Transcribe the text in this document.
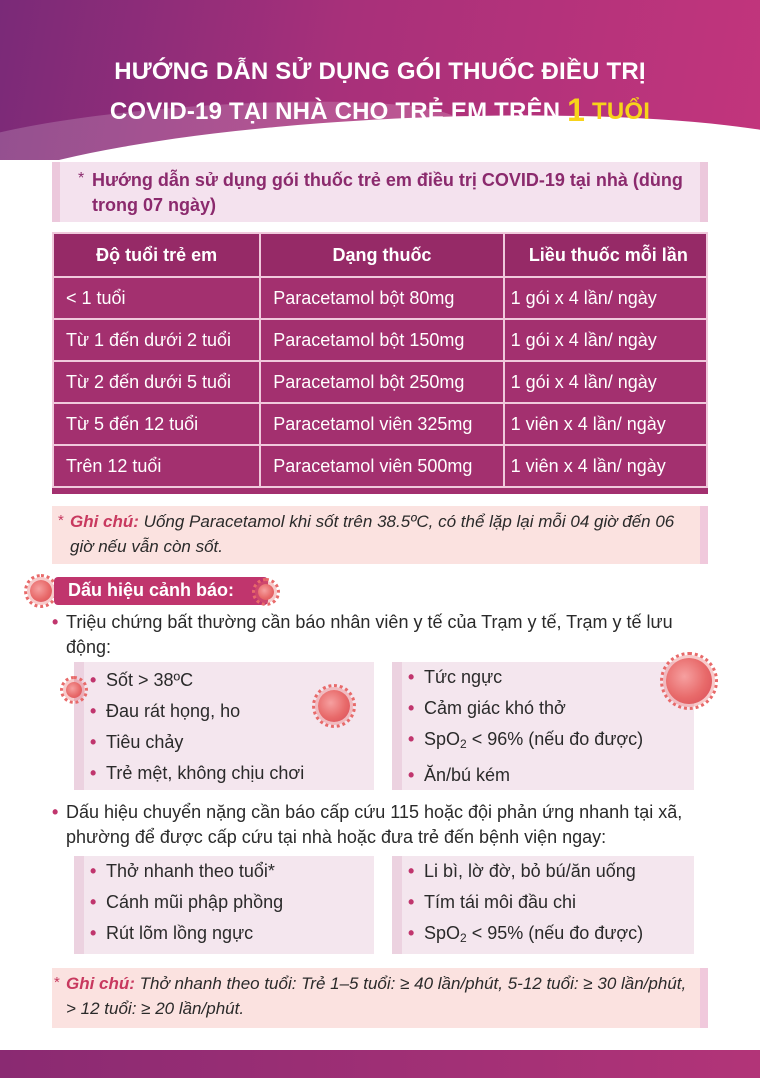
HƯỚNG DẪN SỬ DỤNG GÓI THUỐC ĐIỀU TRỊ
COVID-19 TẠI NHÀ CHO TRẺ EM TRÊN 1 TUỔI
* Hướng dẫn sử dụng gói thuốc trẻ em điều trị COVID-19 tại nhà (dùng trong 07 ngày)
Độ tuổi trẻ em	Dạng thuốc	Liều thuốc mỗi lần
< 1 tuổi	Paracetamol bột 80mg	1 gói x 4 lần/ ngày
Từ 1 đến dưới 2 tuổi	Paracetamol bột 150mg	1 gói x 4 lần/ ngày
Từ 2 đến dưới 5 tuổi	Paracetamol bột 250mg	1 gói x 4 lần/ ngày
Từ 5 đến 12 tuổi	Paracetamol viên 325mg	1 viên x 4 lần/ ngày
Trên 12 tuổi	Paracetamol viên 500mg	1 viên x 4 lần/ ngày
* Ghi chú: Uống Paracetamol khi sốt trên 38.5ºC, có thể lặp lại mỗi 04 giờ đến 06 giờ nếu vẫn còn sốt.
Dấu hiệu cảnh báo:
• Triệu chứng bất thường cần báo nhân viên y tế của Trạm y tế, Trạm y tế lưu động:
• Sốt > 38ºC
• Đau rát họng, ho
• Tiêu chảy
• Trẻ mệt, không chịu chơi
• Tức ngực
• Cảm giác khó thở
• SpO$_2$ < 96% (nếu đo được)
• Ăn/bú kém
• Dấu hiệu chuyển nặng cần báo cấp cứu 115 hoặc đội phản ứng nhanh tại xã, phường để được cấp cứu tại nhà hoặc đưa trẻ đến bệnh viện ngay:
• Thở nhanh theo tuổi*
• Cánh mũi phập phồng
• Rút lõm lồng ngực
• Li bì, lờ đờ, bỏ bú/ăn uống
• Tím tái môi đầu chi
• SpO$_2$ < 95% (nếu đo được)
* Ghi chú: Thở nhanh theo tuổi: Trẻ 1–5 tuổi: ≥ 40 lần/phút, 5-12 tuổi: ≥ 30 lần/phút, > 12 tuổi: ≥ 20 lần/phút.
